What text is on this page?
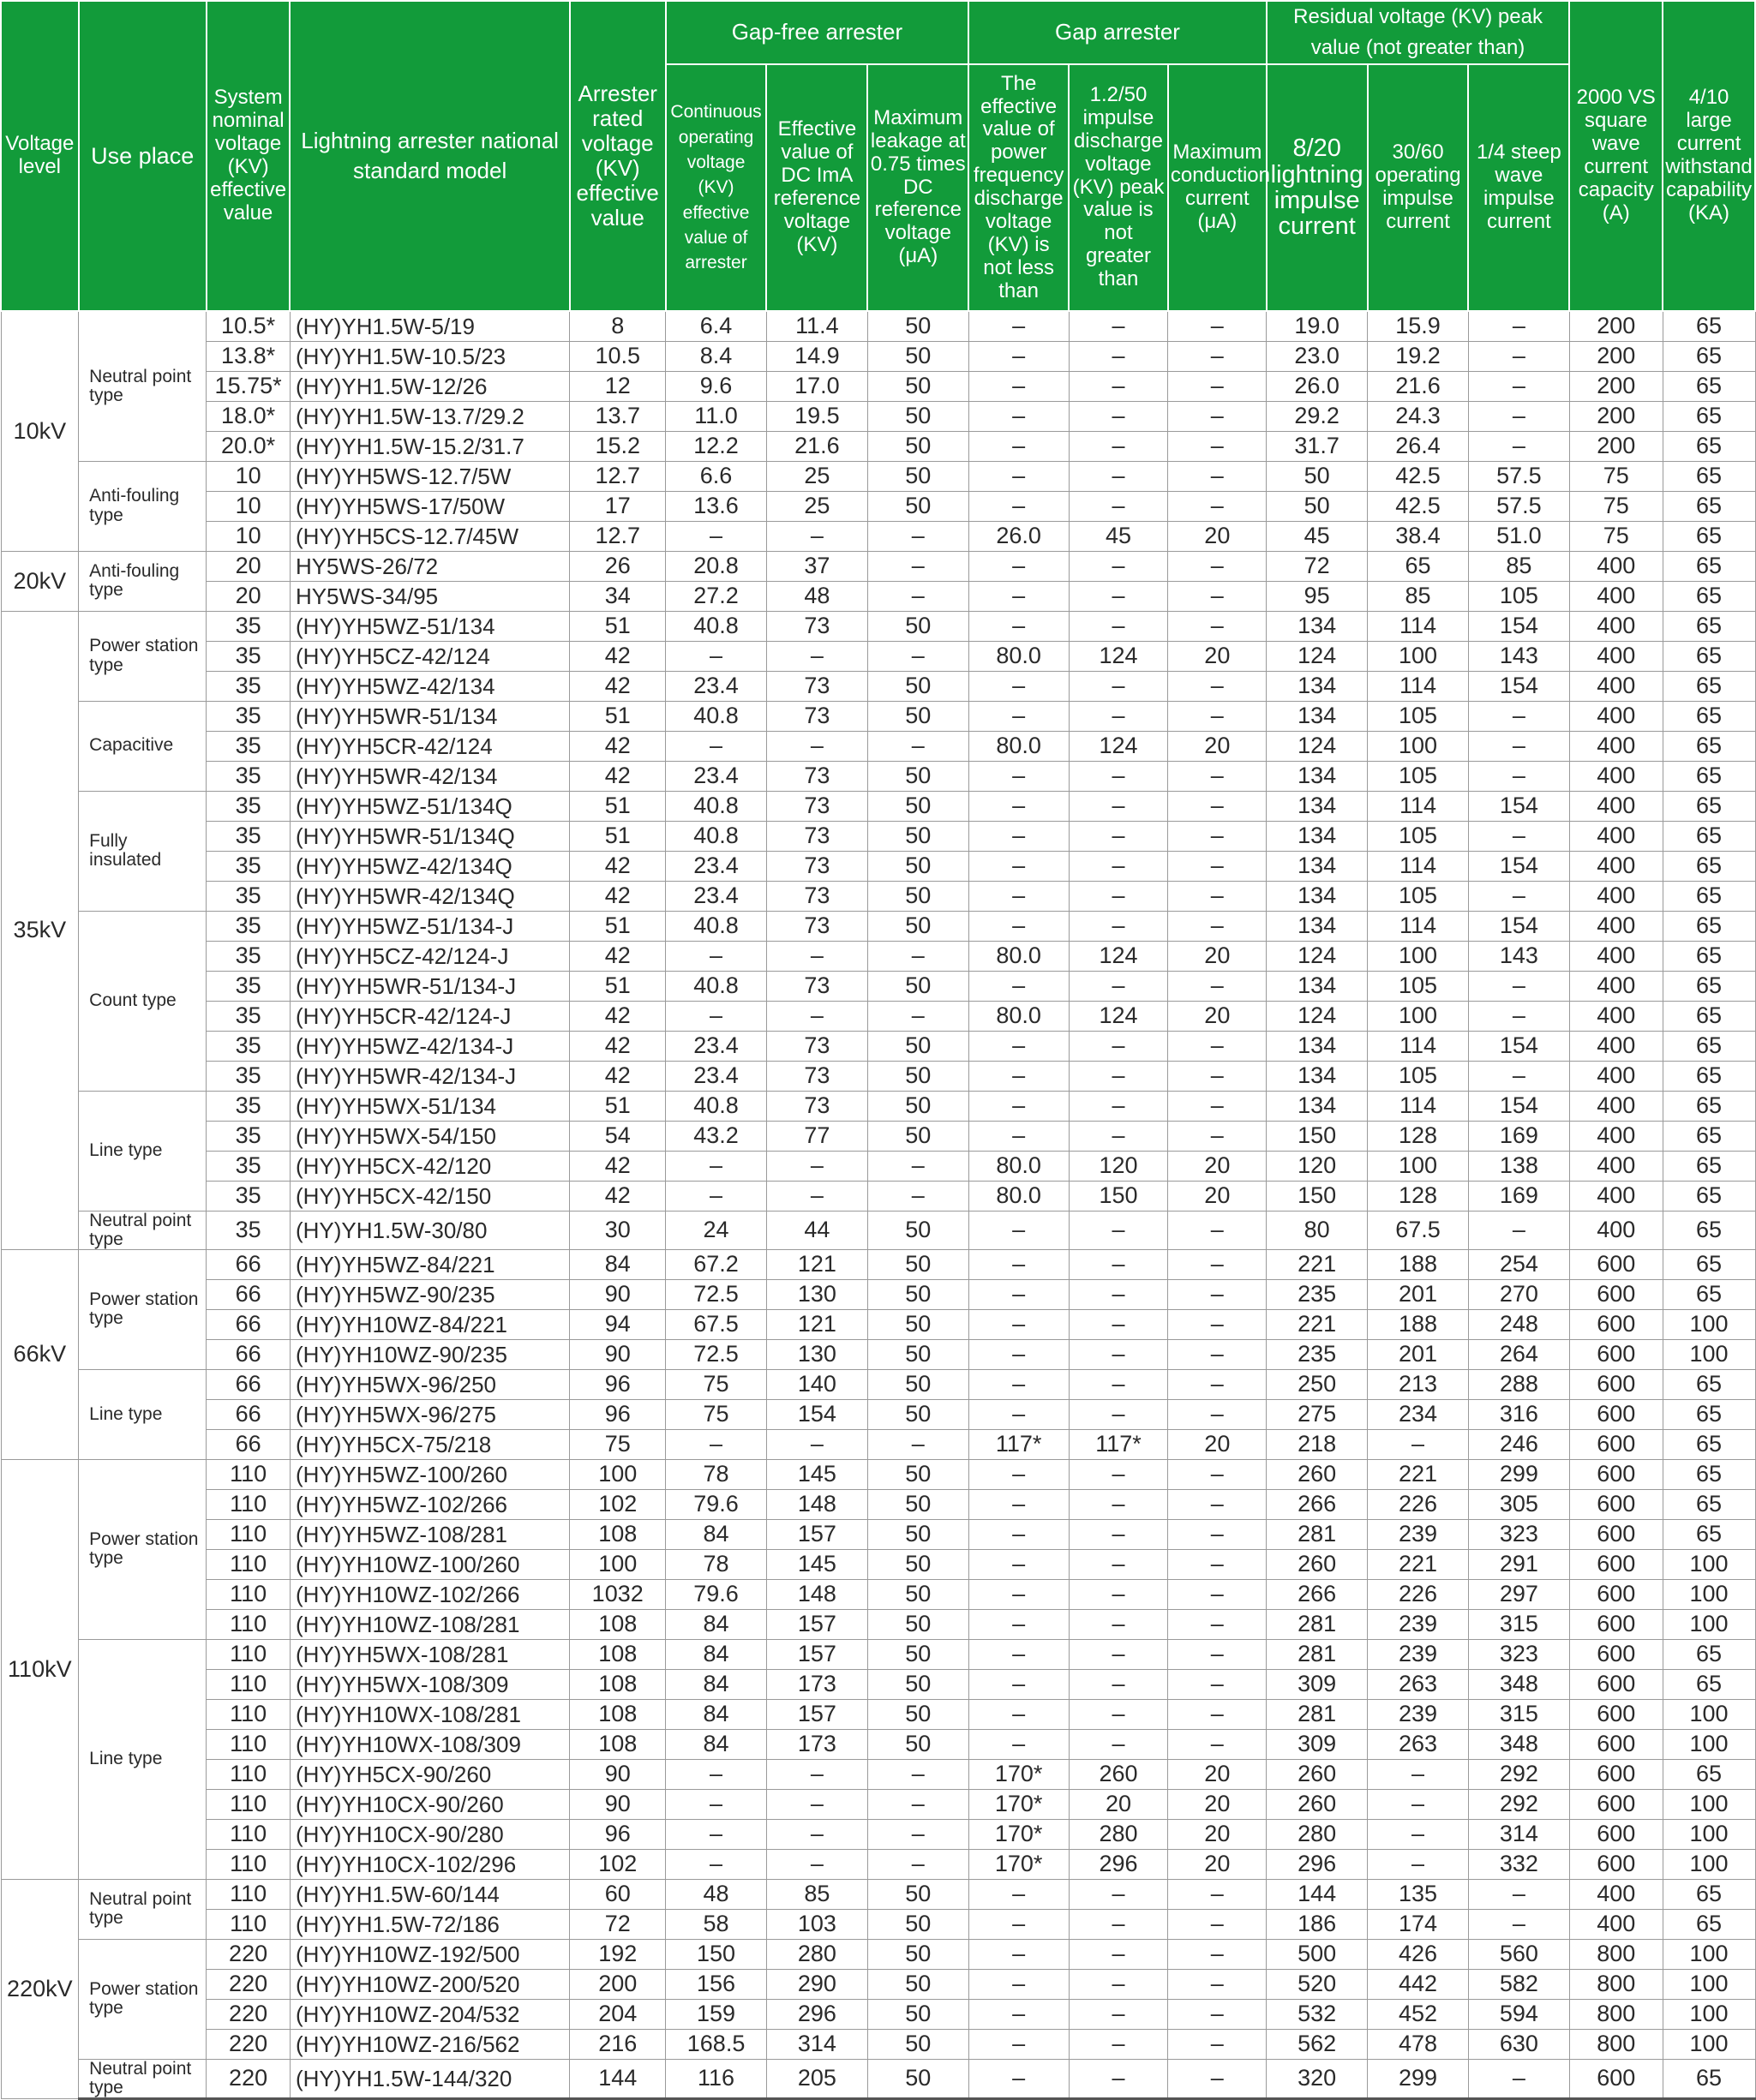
Voltage level	Use place	System nominal voltage (KV) effective value	Lightning arrester national standard model	Arrester rated voltage (KV) effective value	Gap-free arrester			Gap arrester			Residual voltage (KV) peak value (not greater than)			2000 VS square wave current capacity (A)	4/10 large current withstand capability (KA)
					Continuous operating voltage (KV) effective value of arrester	Effective value of DC ImA reference voltage (KV)	Maximum leakage at 0.75 times DC reference voltage (μA)	The effective value of power frequency discharge voltage (KV) is not less than	1.2/50 impulse discharge voltage (KV) peak value is not greater than	Maximum conduction current (μA)	8/20 lightning impulse current	30/60 operating impulse current	1/4 steep wave impulse current		
10kV	Neutral point type	10.5*	(HY)YH1.5W-5/19	8	6.4	11.4	50	–	–	–	19.0	15.9	–	200	65
		13.8*	(HY)YH1.5W-10.5/23	10.5	8.4	14.9	50	–	–	–	23.0	19.2	–	200	65
		15.75*	(HY)YH1.5W-12/26	12	9.6	17.0	50	–	–	–	26.0	21.6	–	200	65
		18.0*	(HY)YH1.5W-13.7/29.2	13.7	11.0	19.5	50	–	–	–	29.2	24.3	–	200	65
		20.0*	(HY)YH1.5W-15.2/31.7	15.2	12.2	21.6	50	–	–	–	31.7	26.4	–	200	65
	Anti-fouling type	10	(HY)YH5WS-12.7/5W	12.7	6.6	25	50	–	–	–	50	42.5	57.5	75	65
		10	(HY)YH5WS-17/50W	17	13.6	25	50	–	–	–	50	42.5	57.5	75	65
		10	(HY)YH5CS-12.7/45W	12.7	–	–	–	26.0	45	20	45	38.4	51.0	75	65
20kV	Anti-fouling type	20	HY5WS-26/72	26	20.8	37	–	–	–	–	72	65	85	400	65
		20	HY5WS-34/95	34	27.2	48	–	–	–	–	95	85	105	400	65
35kV	Power station type	35	(HY)YH5WZ-51/134	51	40.8	73	50	–	–	–	134	114	154	400	65
		35	(HY)YH5CZ-42/124	42	–	–	–	80.0	124	20	124	100	143	400	65
		35	(HY)YH5WZ-42/134	42	23.4	73	50	–	–	–	134	114	154	400	65
	Capacitive	35	(HY)YH5WR-51/134	51	40.8	73	50	–	–	–	134	105	–	400	65
		35	(HY)YH5CR-42/124	42	–	–	–	80.0	124	20	124	100	–	400	65
		35	(HY)YH5WR-42/134	42	23.4	73	50	–	–	–	134	105	–	400	65
	Fully insulated	35	(HY)YH5WZ-51/134Q	51	40.8	73	50	–	–	–	134	114	154	400	65
		35	(HY)YH5WR-51/134Q	51	40.8	73	50	–	–	–	134	105	–	400	65
		35	(HY)YH5WZ-42/134Q	42	23.4	73	50	–	–	–	134	114	154	400	65
		35	(HY)YH5WR-42/134Q	42	23.4	73	50	–	–	–	134	105	–	400	65
	Count type	35	(HY)YH5WZ-51/134-J	51	40.8	73	50	–	–	–	134	114	154	400	65
		35	(HY)YH5CZ-42/124-J	42	–	–	–	80.0	124	20	124	100	143	400	65
		35	(HY)YH5WR-51/134-J	51	40.8	73	50	–	–	–	134	105	–	400	65
		35	(HY)YH5CR-42/124-J	42	–	–	–	80.0	124	20	124	100	–	400	65
		35	(HY)YH5WZ-42/134-J	42	23.4	73	50	–	–	–	134	114	154	400	65
		35	(HY)YH5WR-42/134-J	42	23.4	73	50	–	–	–	134	105	–	400	65
	Line type	35	(HY)YH5WX-51/134	51	40.8	73	50	–	–	–	134	114	154	400	65
		35	(HY)YH5WX-54/150	54	43.2	77	50	–	–	–	150	128	169	400	65
		35	(HY)YH5CX-42/120	42	–	–	–	80.0	120	20	120	100	138	400	65
		35	(HY)YH5CX-42/150	42	–	–	–	80.0	150	20	150	128	169	400	65
	Neutral point type	35	(HY)YH1.5W-30/80	30	24	44	50	–	–	–	80	67.5	–	400	65
66kV	Power station type	66	(HY)YH5WZ-84/221	84	67.2	121	50	–	–	–	221	188	254	600	65
		66	(HY)YH5WZ-90/235	90	72.5	130	50	–	–	–	235	201	270	600	65
		66	(HY)YH10WZ-84/221	94	67.5	121	50	–	–	–	221	188	248	600	100
		66	(HY)YH10WZ-90/235	90	72.5	130	50	–	–	–	235	201	264	600	100
	Line type	66	(HY)YH5WX-96/250	96	75	140	50	–	–	–	250	213	288	600	65
		66	(HY)YH5WX-96/275	96	75	154	50	–	–	–	275	234	316	600	65
		66	(HY)YH5CX-75/218	75	–	–	–	117*	117*	20	218	–	246	600	65
110kV	Power station type	110	(HY)YH5WZ-100/260	100	78	145	50	–	–	–	260	221	299	600	65
		110	(HY)YH5WZ-102/266	102	79.6	148	50	–	–	–	266	226	305	600	65
		110	(HY)YH5WZ-108/281	108	84	157	50	–	–	–	281	239	323	600	65
		110	(HY)YH10WZ-100/260	100	78	145	50	–	–	–	260	221	291	600	100
		110	(HY)YH10WZ-102/266	1032	79.6	148	50	–	–	–	266	226	297	600	100
		110	(HY)YH10WZ-108/281	108	84	157	50	–	–	–	281	239	315	600	100
	Line type	110	(HY)YH5WX-108/281	108	84	157	50	–	–	–	281	239	323	600	65
		110	(HY)YH5WX-108/309	108	84	173	50	–	–	–	309	263	348	600	65
		110	(HY)YH10WX-108/281	108	84	157	50	–	–	–	281	239	315	600	100
		110	(HY)YH10WX-108/309	108	84	173	50	–	–	–	309	263	348	600	100
		110	(HY)YH5CX-90/260	90	–	–	–	170*	260	20	260	–	292	600	65
		110	(HY)YH10CX-90/260	90	–	–	–	170*	20	20	260	–	292	600	100
		110	(HY)YH10CX-90/280	96	–	–	–	170*	280	20	280	–	314	600	100
		110	(HY)YH10CX-102/296	102	–	–	–	170*	296	20	296	–	332	600	100
220kV	Neutral point type	110	(HY)YH1.5W-60/144	60	48	85	50	–	–	–	144	135	–	400	65
		110	(HY)YH1.5W-72/186	72	58	103	50	–	–	–	186	174	–	400	65
	Power station type	220	(HY)YH10WZ-192/500	192	150	280	50	–	–	–	500	426	560	800	100
		220	(HY)YH10WZ-200/520	200	156	290	50	–	–	–	520	442	582	800	100
		220	(HY)YH10WZ-204/532	204	159	296	50	–	–	–	532	452	594	800	100
		220	(HY)YH10WZ-216/562	216	168.5	314	50	–	–	–	562	478	630	800	100
	Neutral point type	220	(HY)YH1.5W-144/320	144	116	205	50	–	–	–	320	299	–	600	65
